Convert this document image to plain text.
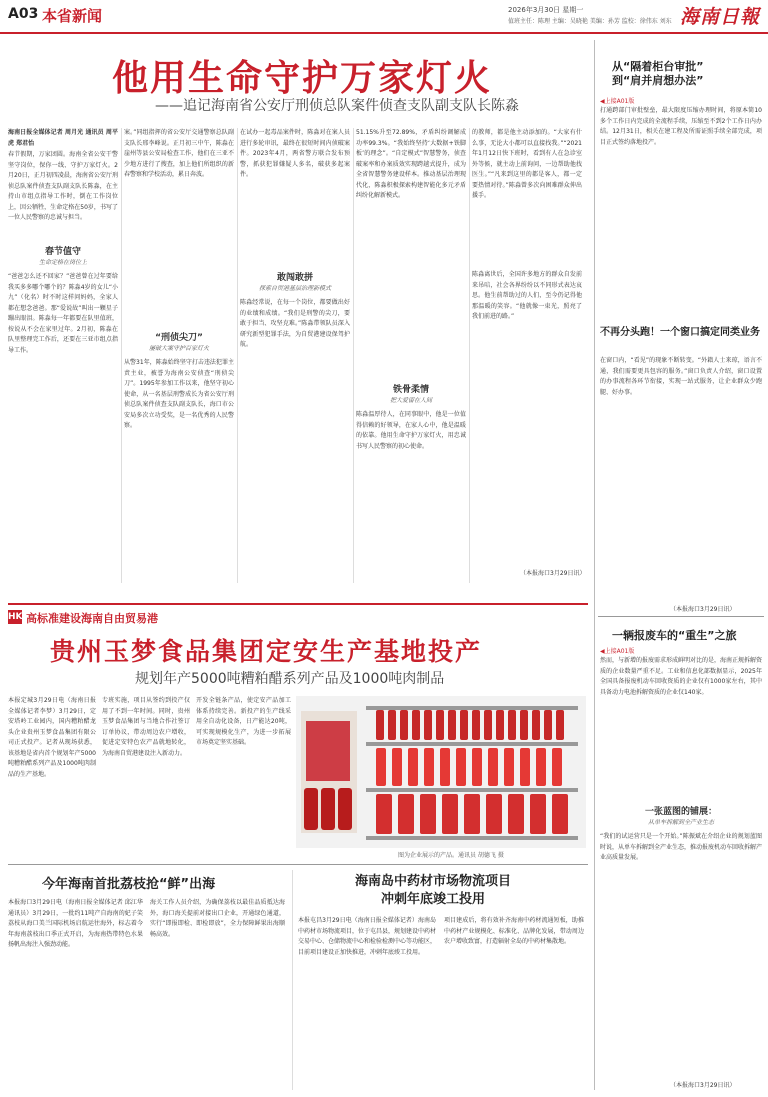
A03 本省新闻	2026年3月30日 星期一
值班主任：陈理 主编：吴晓艳 美编：孙芳 监校：徐伟东 刘东 海南日報
他用生命守护万家灯火
——追记海南省公安厅刑侦总队案件侦查支队副支队长陈淼
海南日报全媒体记者 周月光 通讯员 周平虎 郑君怡
春节假期，万家团圆。海南全省公安干警坚守岗位，保你一线、守护万家灯火。2月20日，正月初四凌晨，海南省公安厅刑侦总队案件侦查支队副支队长陈淼，在主持山市组点指导工作时，倒在工作岗位上，因公牺牲，生命定格在50岁，书写了一位人民警察的忠诚与担当。
春节值守
生命定格在岗位上
“爸爸怎么还不回家？”爸爸曾在过年要给我买多多哪个哪个的？陈淼4岁的女儿“小九”（化名）时不时这样问妈妈，全家人都在想念爸爸。那“爱说故”叫出一颗星子蹦出眼泪。陈淼每一年都要在队里值班，按说从不会在家里过年。2月初，陈淼在队里整理完工作后，还要在三亚市组点指导工作。
案。”同组指挥的省公安厅交通警察总队副支队长邢李峰说。正月初三中午，陈淼在崖州等县公安局检查工作，他们在三亚不少地方进行了搜查，加上他们所组织的新春警察和学校活动，累日奔波。
“刑侦尖刀”
屡破大案守护百家灯火
从警31年，陈淼始终坚守打击违法犯罪主责主业，被誉为海南公安侦查“刑侦尖刀”。1995年参加工作以来，他坚守初心使命，从一名基层刑警成长为省公安厅刑侦总队案件侦查支队副支队长，海口市公安局多次立功受奖，是一名优秀的人民警察。
在试办一起毒品案件时，陈淼对在案人员进行多轮审讯，最终在很短时间内侦破案件。2023年4月，两省警方联合发布预警，抓获犯罪嫌疑人多名，破获多起案件。
敢闯敢拼
探索自贸港基层治理新模式
陈淼经常说，在每一个岗位，都要做出好的业绩和成绩。“我们是刑警的尖刀，要敢于担当、攻坚克难。”陈淼带领队员深入研究新型犯罪手法，为自贸港建设保驾护航。
51.15%升至72.89%，矛盾纠纷调解成功率99.3%。“我始终坚持‘大数据+铁脚板’的理念”。“自定模式”智慧警务，侦查破案率和办案质效实现跨越式提升，成为全省智慧警务建设样本。推动基层治理现代化，陈淼积极探索构建智能化多元矛盾纠纷化解新模式。
铁骨柔情
把大爱留在人间
陈淼温厚待人，在同事眼中，他是一位值得信赖的好领导，在家人心中，他是温暖的依靠。他用生命守护万家灯火，用忠诚书写人民警察的初心使命。
的教师，都是他主动添加的。“大家有什么事，无论大小都可以直接找我。”“2021年1月12日快下班时，看到有人在急诊室外等候，就主动上前询问，一边帮助他找医生。”“凡来到这里的都是客人，都一定要热情对待。”陈淼曾多次向困难群众伸出援手。
陈淼离世后，全国许多地方的群众自发前来吊唁，社会各界纷纷以不同形式表达哀思。他生前帮助过的人们，至今仍记得他那温暖的笑容。“他就像一束光，照亮了我们前进的路。”
（本报海口3月29日讯）
从“隔着柜台审批”
到“肩并肩想办法”
◀上接A01版
打通跨部门审批壁垒，最大限度压缩办理时间，将原本简10多个工作日内完成的全流程手续，压缩至不到2个工作日内办结。12月31日，相关在建工程及所需证照手续全部完成，项目正式签约落地投产。
不再分头跑！一个窗口搞定同类业务
在窗口内，“看见”的现象不断转变。“外籍人士来琼，语言不通，我们需要更具包容的服务。”窗口负责人介绍，窗口设置的办事流程各环节衔接，实现一站式服务，让企业群众少跑腿、好办事。
（本报海口3月29日讯）
一辆报废车的“重生”之旅
◀上接A01版
然而，与新增的报废需求形成鲜明对比的是，海南正规拆解资质的企业数量严重不足。工业和信息化部数据显示，2025年全国具备报废机动车回收资质的企业仅有1000家左右，其中具备动力电池拆解资质的企业仅140家。
一张蓝图的铺展：
从单车拆解到全产业生态
“我们的试运营只是一个开始。”陈振斌在介绍企业的规划蓝图时说，从单车拆解到全产业生态，推动报废机动车回收拆解产业高质量发展。
（本报海口3月29日讯）
HK 高标准建设海南自由贸易港
贵州玉梦食品集团定安生产基地投产
规划年产5000吨糟粕醋系列产品及1000吨肉制品
本报定城3月29日电（海南日报全媒体记者李梦）3月29日，定安塔岭工业园内，国内糟粕醋龙头企业贵州玉梦食品集团有限公司正式投产。记者从现场获悉，该基地是省内首个规划年产5000吨糟粕醋系列产品及1000吨肉制品的生产基地。
专班实施，项目从签约到投产仅用了不到一年时间。同时，贵州玉梦食品集团与当地合作社签订订单协议，带动周边农户增收，促进定安特色农产品就地转化，为海南自贸港建设注入新动力。
开发全链条产品，使定安产品加工体系持续完善。新投产的生产线采用全自动化设备，日产能达20吨，可实现规模化生产，为进一步拓展市场奠定坚实基础。
图为企业展示的产品。通讯员 胡德飞 摄
今年海南首批荔枝抢“鲜”出海
本报海口3月29日电（海南日报全媒体记者 邱江华 通讯员）3月29日，一批约11吨产自海南的妃子笑荔枝从海口美兰国际机场启航运往海外，标志着今年海南荔枝出口季正式开启，为海南热带特色水果扬帆出海注入强劲动能。
海关工作人员介绍，为确保荔枝以最佳品质抵达海外，海口海关提前对接出口企业，开通绿色通道，实行“即报即检、即检即放”，全力保障鲜果出海顺畅高效。
海南岛中药材市场物流项目
冲刺年底竣工投用
本报屯昌3月29日电（海南日报全媒体记者）海南岛中药材市场物流项目，位于屯昌县，规划建设中药材交易中心、仓储物流中心和检验检测中心等功能区，目前项目建设正加快推进，冲刺年底竣工投用。
项目建成后，将有效补齐海南中药材流通短板，助推中药材产业规模化、标准化、品牌化发展，带动周边农户增收致富，打造辐射全岛的中药材集散地。
